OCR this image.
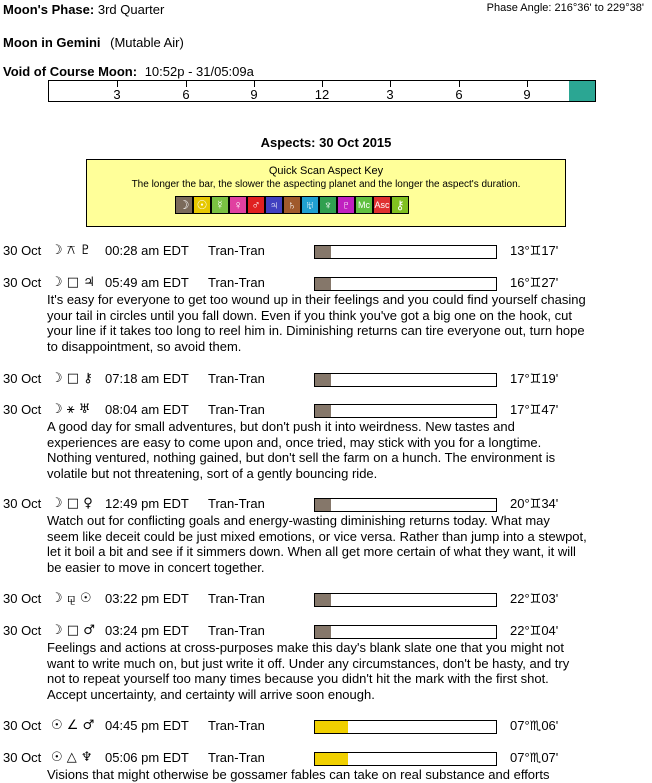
Moon's Phase: 3rd Quarter	Phase Angle: 216°36' to 229°38'
Moon in Gemini (Mutable Air)
Void of Course Moon: 10:52p - 31/05:09a
3	6	9	12	3	6	9
Aspects: 30 Oct 2015
Quick Scan Aspect Key
The longer the bar, the slower the aspecting planet and the longer the aspect's duration.
☽ ☉ ☿ ♀ ♂ ♃ ♄ ♅ ♆ ♇ Mc Asc ⚷
30 Oct ☽ ⚻ ♇ 00:28 am EDT Tran-Tran	13°♊17'
30 Oct ☽ □ ♃ 05:49 am EDT Tran-Tran	16°♊27'
It's easy for everyone to get too wound up in their feelings and you could find yourself chasing
your tail in circles until you fall down. Even if you think you've got a big one on the hook, cut
your line if it takes too long to reel him in. Diminishing returns can tire everyone out, turn hope
to disappointment, so avoid them.
30 Oct ☽ □ ⚷ 07:18 am EDT Tran-Tran	17°♊19'
30 Oct ☽ ⚹ ♅ 08:04 am EDT Tran-Tran	17°♊47'
A good day for small adventures, but don't push it into weirdness. New tastes and
experiences are easy to come upon and, once tried, may stick with you for a longtime.
Nothing ventured, nothing gained, but don't sell the farm on a hunch. The environment is
volatile but not threatening, sort of a gently bouncing ride.
30 Oct ☽ □ ♀ 12:49 pm EDT Tran-Tran	20°♊34'
Watch out for conflicting goals and energy-wasting diminishing returns today. What may
seem like deceit could be just mixed emotions, or vice versa. Rather than jump into a stewpot,
let it boil a bit and see if it simmers down. When all get more certain of what they want, it will
be easier to move in concert together.
30 Oct ☽ ⚼ ☉ 03:22 pm EDT Tran-Tran	22°♊03'
30 Oct ☽ □ ♂ 03:24 pm EDT Tran-Tran	22°♊04'
Feelings and actions at cross-purposes make this day's blank slate one that you might not
want to write much on, but just write it off. Under any circumstances, don't be hasty, and try
not to repeat yourself too many times because you didn't hit the mark with the first shot.
Accept uncertainty, and certainty will arrive soon enough.
30 Oct ☉ ∠ ♂ 04:45 pm EDT Tran-Tran	07°♏06'
30 Oct ☉ △ ♆ 05:06 pm EDT Tran-Tran	07°♏07'
Visions that might otherwise be gossamer fables can take on real substance and efforts
